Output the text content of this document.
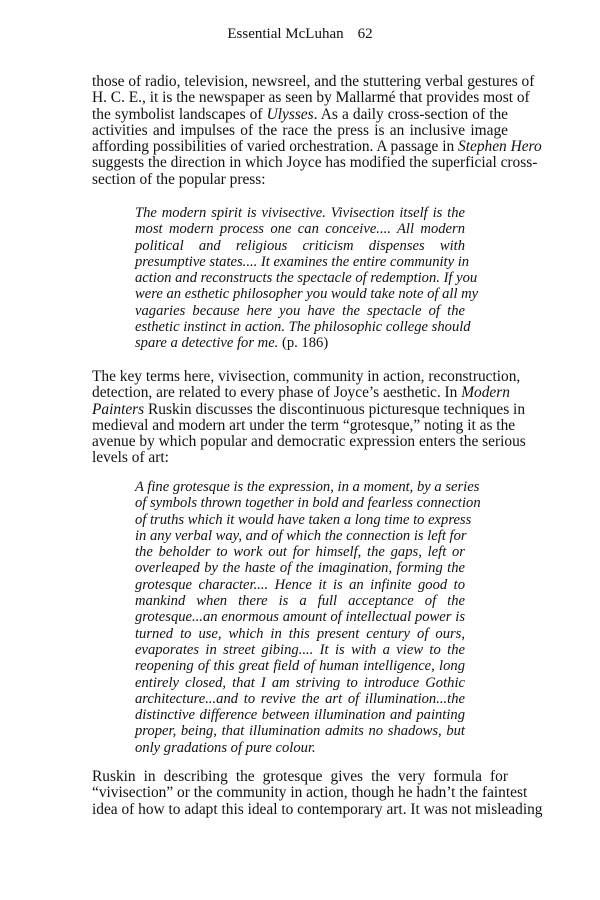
Essential McLuhan 62
those of radio, television, newsreel, and the stuttering verbal gestures of
H. C. E., it is the newspaper as seen by Mallarmé that provides most of
the symbolist landscapes of Ulysses. As a daily cross-section of the
activities and impulses of the race the press is an inclusive image
affording possibilities of varied orchestration. A passage in Stephen Hero
suggests the direction in which Joyce has modified the superficial cross-
section of the popular press:
The modern spirit is vivisective. Vivisection itself is the
most modern process one can conceive.... All modern
political and religious criticism dispenses with
presumptive states.... It examines the entire community in
action and reconstructs the spectacle of redemption. If you
were an esthetic philosopher you would take note of all my
vagaries because here you have the spectacle of the
esthetic instinct in action. The philosophic college should
spare a detective for me. (p. 186)
The key terms here, vivisection, community in action, reconstruction,
detection, are related to every phase of Joyce’s aesthetic. In Modern
Painters Ruskin discusses the discontinuous picturesque techniques in
medieval and modern art under the term “grotesque,” noting it as the
avenue by which popular and democratic expression enters the serious
levels of art:
A fine grotesque is the expression, in a moment, by a series
of symbols thrown together in bold and fearless connection
of truths which it would have taken a long time to express
in any verbal way, and of which the connection is left for
the beholder to work out for himself, the gaps, left or
overleaped by the haste of the imagination, forming the
grotesque character.... Hence it is an infinite good to
mankind when there is a full acceptance of the
grotesque...an enormous amount of intellectual power is
turned to use, which in this present century of ours,
evaporates in street gibing.... It is with a view to the
reopening of this great field of human intelligence, long
entirely closed, that I am striving to introduce Gothic
architecture...and to revive the art of illumination...the
distinctive difference between illumination and painting
proper, being, that illumination admits no shadows, but
only gradations of pure colour.
Ruskin in describing the grotesque gives the very formula for
“vivisection” or the community in action, though he hadn’t the faintest
idea of how to adapt this ideal to contemporary art. It was not misleading
